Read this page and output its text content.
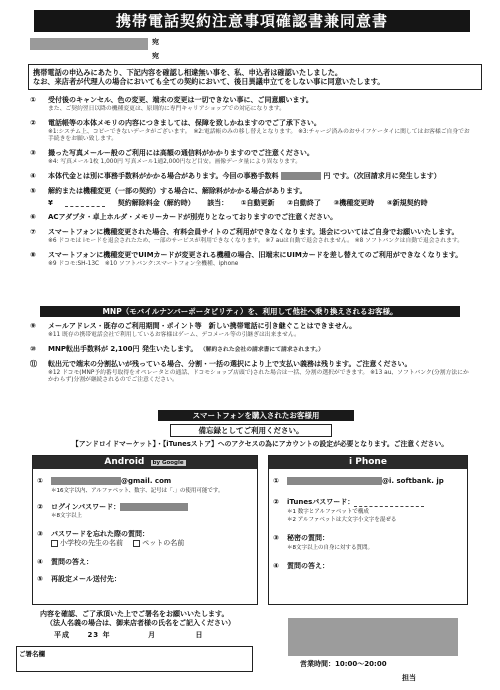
携帯電話契約注意事項確認書兼同意書
宛
宛

携帯電話の申込みにあたり、下記内容を確認し相違無い事を、私、申込者は確認いたしました。

なお、来店者が代理人の場合においても全ての契約において、後日異議申立てをしない事に同意いたします。

①	受付後のキャンセル、色の変更、端末の変更は一切できない事に、ご同意願います。
また、ご契約翌日以降の機種変更は、原則的に専門キャリアショップでの対応になります。
②	電話帳等の本体メモリの内容につきましては、保障を致しかねますのでご了承下さい。
※1:システム上、コピーできないデータがございます。　※2:電話帳のみの移し替えとなります。 ※3:チャージ済みのおサイフケータイに関してはお客様ご自身でお手続きをお願い致します。
③	撮った写真メールー般のご利用には高額の通信料がかかりますのでご注意ください。
※4: 写真メール1枚 1,000円 写真メール1通2,000円など目安。画像データ量により異なります。
④	本体代金とは別に事務手数料がかかる場合があります。今回の事務手数料	円 です。（次回請求月に発生します）
⑤	解約または機種変更（一部の契約）する場合に、解除料がかかる場合があります。
¥	契約解除料金（解約時） 該当： ①自動更新 ②自動終了 ③機種変更時 ④新規契約時
⑥	ACアダプタ・卓上ホルダ・メモリーカードが別売りとなっておりますのでご注意ください。
⑦	スマートフォンに機種変更された場合、有料会員サイトのご利用ができなくなります。退会についてはご自身でお願いいたします。
※6 ドコモは iモードを退会されたため、一部のサービスが利用できなくなります。 ※7 auは自動で退会されません。 ※8 ソフトバンクは自動で退会されます。
⑧	スマートフォンに機種変更でUIMカードが変更される機種の場合、旧端末にUIMカードを差し替えてのご利用ができなくなります。
※9 ドコモ:SH-13C　※10 ソフトバンク:スマートフォン全機種、iphone
MNP（モバイルナンバーポータビリティ）を、利用して他社へ乗り換えされるお客様。
⑨	メールアドレス・既存のご利用期間・ポイント等　新しい携帯電話に引き継ぐことはできません。
※11 既存の携帯電話会社で利用しているお客様はゲーム、デコメール等の引継ぎは出来ません。
⑩	MNP転出手数料が 2,100円 発生いたします。 （解約された会社の請求書にて請求されます。）
⑪	転出元で端末の分割払いが残っている場合、分割・一括の選択により上で支払い義務は残ります。ご注意ください。
※12 ドコモ(MNP予約番号取得をオペレータとの通話、ドコモショップ店頭で)された場合は一括、分割の選択ができます。 ※13 au、ソフトバンク(分割方法にかかわらず)分割が継続されるのでご注意ください。
スマートフォンを購入されたお客様用
備忘録としてご利用ください。
【アンドロイドマーケット】・【iTunesストア】へのアクセスの為にアカウントの設定が必要となります。ご注意ください。
Android by Google
①	@gmail. com
＊16文字以内、アルファベット、数字、記号は「.」の使用可能です。
②	ログインパスワード：
＊8文字以上
③	パスワードを忘れた際の質問：
小学校の先生の名前	ペットの名前
④	質問の答え：
⑤	再設定メール送付先：
i Phone
①	@i. softbank. jp
②	iTunesパスワード：
＊1 数字とアルファベットで構成
＊2 アルファベットは大文字小文字を混ぜる
③	秘密の質問：
＊8文字以上の自身に対する質問。
④	質問の答え：
内容を確認、ご了承頂いた上でご署名をお願いいたします。
（法人名義の場合は、御来店者様の氏名をご記入ください）
平成 23 年	月	日
ご署名欄
営業時間：10:00～20:00
担当
